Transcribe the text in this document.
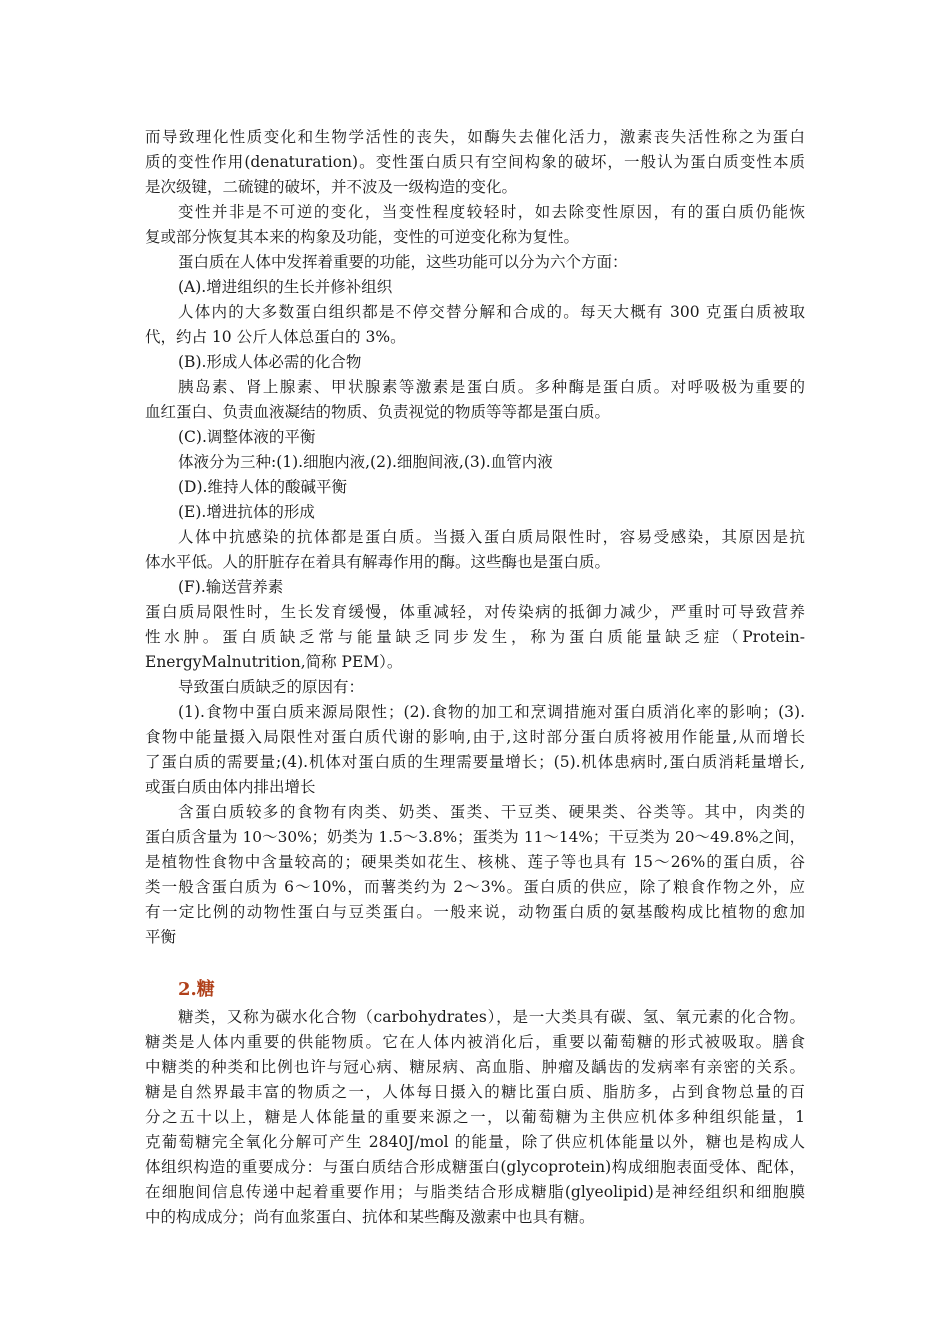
而导致理化性质变化和生物学活性的丧失，如酶失去催化活力，激素丧失活性称之为蛋白
质的变性作用(denaturation)。变性蛋白质只有空间构象的破坏，一般认为蛋白质变性本质
是次级键，二硫键的破坏，并不波及一级构造的变化。
变性并非是不可逆的变化，当变性程度较轻时，如去除变性原因，有的蛋白质仍能恢
复或部分恢复其本来的构象及功能，变性的可逆变化称为复性。
蛋白质在人体中发挥着重要的功能，这些功能可以分为六个方面：
(A).增进组织的生长并修补组织
人体内的大多数蛋白组织都是不停交替分解和合成的。每天大概有 300 克蛋白质被取
代，约占 10 公斤人体总蛋白的 3%。
(B).形成人体必需的化合物
胰岛素、肾上腺素、甲状腺素等激素是蛋白质。多种酶是蛋白质。对呼吸极为重要的
血红蛋白、负责血液凝结的物质、负责视觉的物质等等都是蛋白质。
(C).调整体液的平衡
体液分为三种:(1).细胞内液,(2).细胞间液,(3).血管内液
(D).维持人体的酸碱平衡
(E).增进抗体的形成
人体中抗感染的抗体都是蛋白质。当摄入蛋白质局限性时，容易受感染，其原因是抗
体水平低。人的肝脏存在着具有解毒作用的酶。这些酶也是蛋白质。
(F).输送营养素
蛋白质局限性时，生长发育缓慢，体重减轻，对传染病的抵御力减少，严重时可导致营养
性水肿。蛋白质缺乏常与能量缺乏同步发生，称为蛋白质能量缺乏症（Protein-
EnergyMalnutrition,简称 PEM）。
导致蛋白质缺乏的原因有：
(1).食物中蛋白质来源局限性；(2).食物的加工和烹调措施对蛋白质消化率的影响；(3).
食物中能量摄入局限性对蛋白质代谢的影响,由于,这时部分蛋白质将被用作能量,从而增长
了蛋白质的需要量;(4).机体对蛋白质的生理需要量增长；(5).机体患病时,蛋白质消耗量增长,
或蛋白质由体内排出增长
含蛋白质较多的食物有肉类、奶类、蛋类、干豆类、硬果类、谷类等。其中，肉类的
蛋白质含量为 10～30%；奶类为 1.5～3.8%；蛋类为 11～14%；干豆类为 20～49.8%之间，
是植物性食物中含量较高的；硬果类如花生、核桃、莲子等也具有 15～26%的蛋白质，谷
类一般含蛋白质为 6～10%，而薯类约为 2～3%。蛋白质的供应，除了粮食作物之外，应
有一定比例的动物性蛋白与豆类蛋白。一般来说，动物蛋白质的氨基酸构成比植物的愈加
平衡
2.糖
糖类，又称为碳水化合物（carbohydrates），是一大类具有碳、氢、氧元素的化合物。
糖类是人体内重要的供能物质。它在人体内被消化后，重要以葡萄糖的形式被吸取。膳食
中糖类的种类和比例也许与冠心病、糖尿病、高血脂、肿瘤及龋齿的发病率有亲密的关系。
糖是自然界最丰富的物质之一，人体每日摄入的糖比蛋白质、脂肪多，占到食物总量的百
分之五十以上，糖是人体能量的重要来源之一，以葡萄糖为主供应机体多种组织能量，1
克葡萄糖完全氧化分解可产生 2840J/mol 的能量，除了供应机体能量以外，糖也是构成人
体组织构造的重要成分：与蛋白质结合形成糖蛋白(glycoprotein)构成细胞表面受体、配体，
在细胞间信息传递中起着重要作用；与脂类结合形成糖脂(glyeolipid)是神经组织和细胞膜
中的构成成分；尚有血浆蛋白、抗体和某些酶及激素中也具有糖。
